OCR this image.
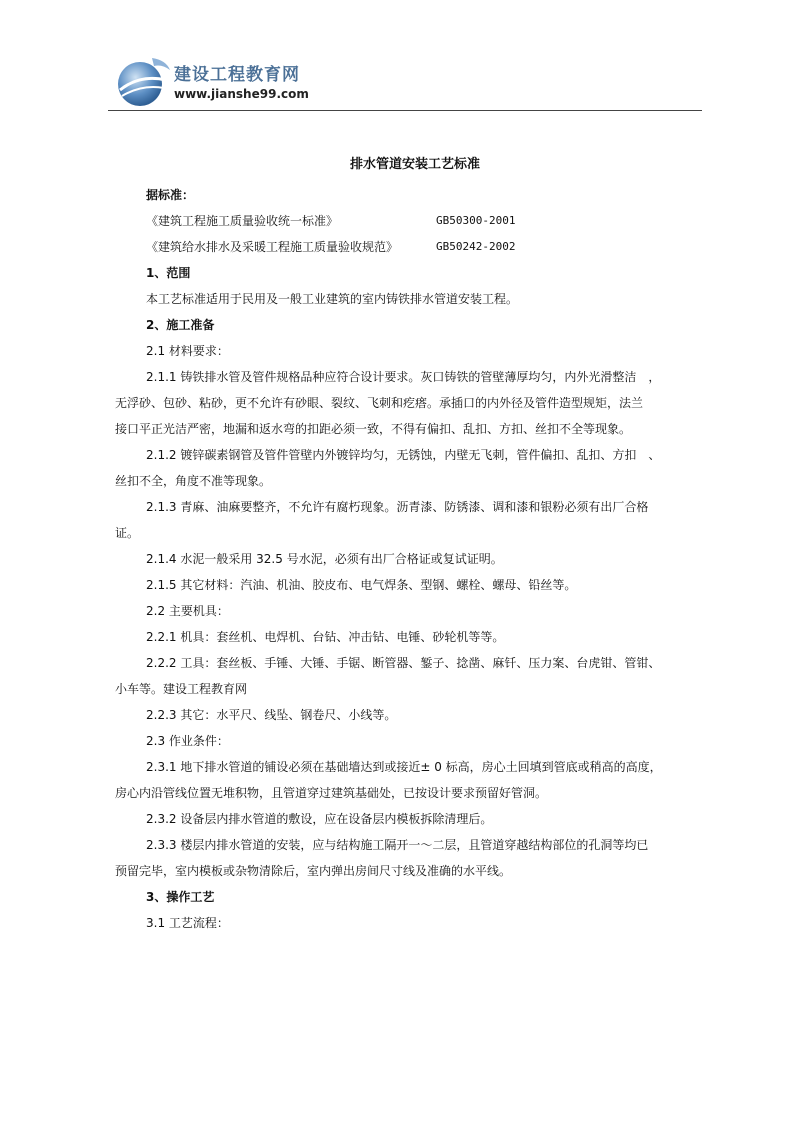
建设工程教育网
www.jianshe99.com

排水管道安装工艺标准

据标准：

《建筑工程施工质量验收统一标准》	GB50300-2001
《建筑给水排水及采暖工程施工质量验收规范》	GB50242-2002

1、范围

本工艺标准适用于民用及一般工业建筑的室内铸铁排水管道安装工程。

2、施工准备

2.1 材料要求：

2.1.1 铸铁排水管及管件规格品种应符合设计要求。灰口铸铁的管壁薄厚均匀，内外光滑整洁　，

无浮砂、包砂、粘砂，更不允许有砂眼、裂纹、飞刺和疙瘩。承插口的内外径及管件造型规矩，法兰

接口平正光洁严密，地漏和返水弯的扣距必须一致，不得有偏扣、乱扣、方扣、丝扣不全等现象。

2.1.2 镀锌碳素钢管及管件管壁内外镀锌均匀，无锈蚀，内壁无飞刺，管件偏扣、乱扣、方扣　、

丝扣不全，角度不准等现象。

2.1.3 青麻、油麻要整齐，不允许有腐朽现象。沥青漆、防锈漆、调和漆和银粉必须有出厂合格

证。

2.1.4 水泥一般采用 32.5 号水泥，必须有出厂合格证或复试证明。

2.1.5 其它材料：汽油、机油、胶皮布、电气焊条、型钢、螺栓、螺母、铅丝等。

2.2 主要机具：

2.2.1 机具：套丝机、电焊机、台钻、冲击钻、电锤、砂轮机等等。

2.2.2 工具：套丝板、手锤、大锤、手锯、断管器、錾子、捻凿、麻钎、压力案、台虎钳、管钳、

小车等。建设工程教育网

2.2.3 其它：水平尺、线坠、钢卷尺、小线等。

2.3 作业条件：

2.3.1 地下排水管道的铺设必须在基础墙达到或接近± 0 标高，房心土回填到管底或稍高的高度，

房心内沿管线位置无堆积物，且管道穿过建筑基础处，已按设计要求预留好管洞。

2.3.2 设备层内排水管道的敷设，应在设备层内模板拆除清理后。

2.3.3 楼层内排水管道的安装，应与结构施工隔开一～二层，且管道穿越结构部位的孔洞等均已

预留完毕，室内模板或杂物清除后，室内弹出房间尺寸线及准确的水平线。

3、操作工艺

3.1 工艺流程：
